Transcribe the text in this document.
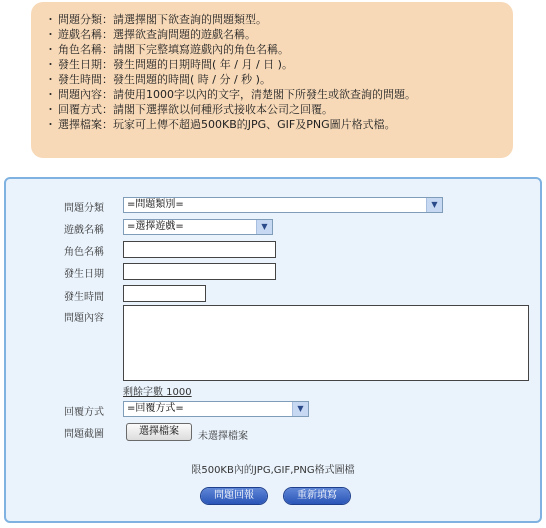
・ 問題分類：請選擇閣下欲查詢的問題類型。
・ 遊戲名稱：選擇欲查詢問題的遊戲名稱。
・ 角色名稱：請閣下完整填寫遊戲內的角色名稱。
・ 發生日期：發生問題的日期時間( 年 / 月 / 日 )。
・ 發生時間：發生問題的時間( 時 / 分 / 秒 )。
・ 問題內容：請使用1000字以內的文字，清楚閣下所發生或欲查詢的問題。
・ 回覆方式：請閣下選擇欲以何種形式接收本公司之回覆。
・ 選擇檔案：玩家可上傳不超過500KB的JPG、GIF及PNG圖片格式檔。
問題分類	=問題類別=	▼
遊戲名稱	=選擇遊戲=	▼
角色名稱
發生日期
發生時間
問題內容
剩餘字數 1000
回覆方式	=回覆方式=	▼
問題截圖	選擇檔案	未選擇檔案
限500KB內的JPG,GIF,PNG格式圖檔
問題回報	重新填寫
